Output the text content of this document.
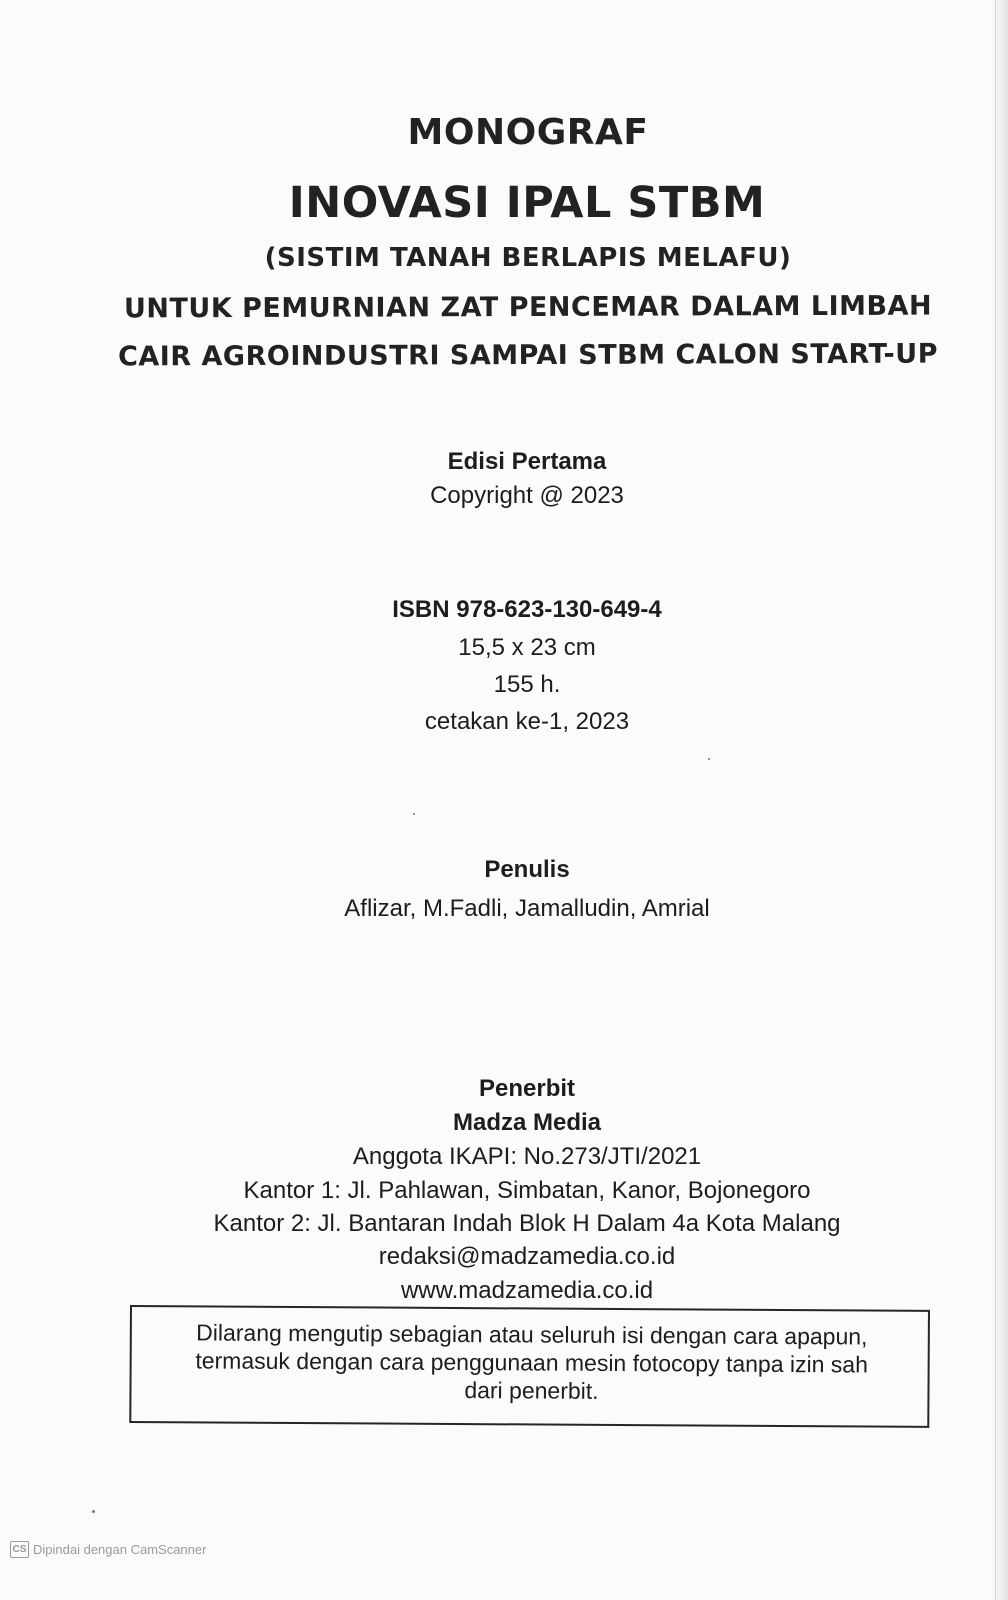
MONOGRAF
INOVASI IPAL STBM
(SISTIM TANAH BERLAPIS MELAFU)
UNTUK PEMURNIAN ZAT PENCEMAR DALAM LIMBAH
CAIR AGROINDUSTRI SAMPAI STBM CALON START-UP
Edisi Pertama
Copyright @ 2023
ISBN 978-623-130-649-4
15,5 x 23 cm
155 h.
cetakan ke-1, 2023
Penulis
Aflizar, M.Fadli, Jamalludin, Amrial
Penerbit
Madza Media
Anggota IKAPI: No.273/JTI/2021
Kantor 1: Jl. Pahlawan, Simbatan, Kanor, Bojonegoro
Kantor 2: Jl. Bantaran Indah Blok H Dalam 4a Kota Malang
redaksi@madzamedia.co.id
www.madzamedia.co.id
Dilarang mengutip sebagian atau seluruh isi dengan cara apapun,
termasuk dengan cara penggunaan mesin fotocopy tanpa izin sah
dari penerbit.
CS Dipindai dengan CamScanner
